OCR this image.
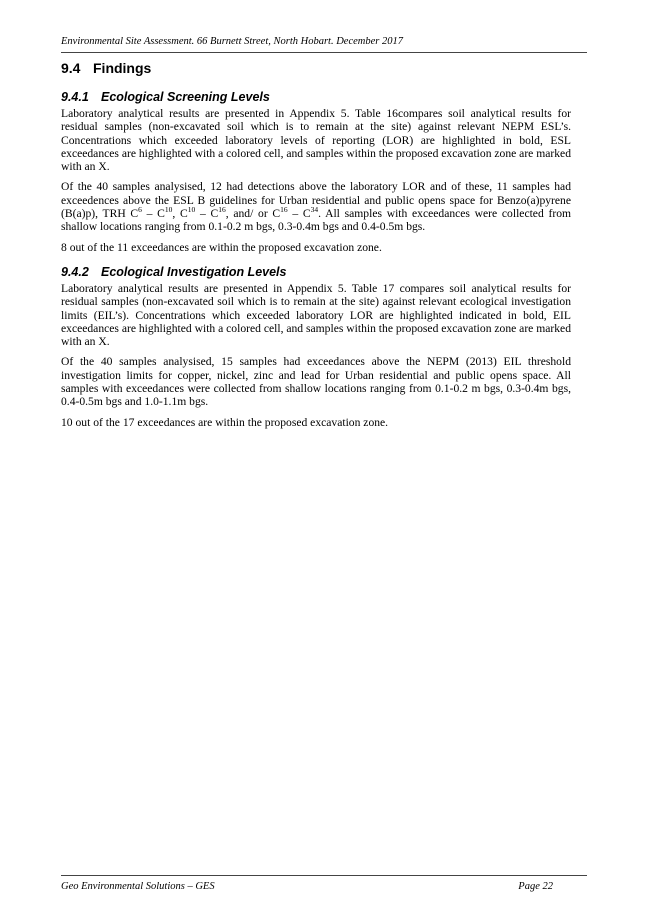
Environmental Site Assessment. 66 Burnett Street, North Hobart. December 2017
9.4 Findings
9.4.1 Ecological Screening Levels

Laboratory analytical results are presented in Appendix 5. Table 16compares soil analytical results for residual samples (non-excavated soil which is to remain at the site) against relevant NEPM ESL’s. Concentrations which exceeded laboratory levels of reporting (LOR) are highlighted in bold, ESL exceedances are highlighted with a colored cell, and samples within the proposed excavation zone are marked with an X.

Of the 40 samples analysised, 12 had detections above the laboratory LOR and of these, 11 samples had exceedences above the ESL B guidelines for Urban residential and public opens space for Benzo(a)pyrene (B(a)p), TRH $C^6 - C^{10}$, $C^{10} - C^{16}$, and/ or $C^{16} - C^{34}$. All samples with exceedances were collected from shallow locations ranging from 0.1-0.2 m bgs, 0.3-0.4m bgs and 0.4-0.5m bgs.

8 out of the 11 exceedances are within the proposed excavation zone.

9.4.2 Ecological Investigation Levels

Laboratory analytical results are presented in Appendix 5. Table 17 compares soil analytical results for residual samples (non-excavated soil which is to remain at the site) against relevant ecological investigation limits (EIL’s). Concentrations which exceeded laboratory LOR are highlighted indicated in bold, EIL exceedances are highlighted with a colored cell, and samples within the proposed excavation zone are marked with an X.

Of the 40 samples analysised, 15 samples had exceedances above the NEPM (2013) EIL threshold investigation limits for copper, nickel, zinc and lead for Urban residential and public opens space. All samples with exceedances were collected from shallow locations ranging from 0.1-0.2 m bgs, 0.3-0.4m bgs, 0.4-0.5m bgs and 1.0-1.1m bgs.

10 out of the 17 exceedances are within the proposed excavation zone.

Geo Environmental Solutions – GES	Page 22
